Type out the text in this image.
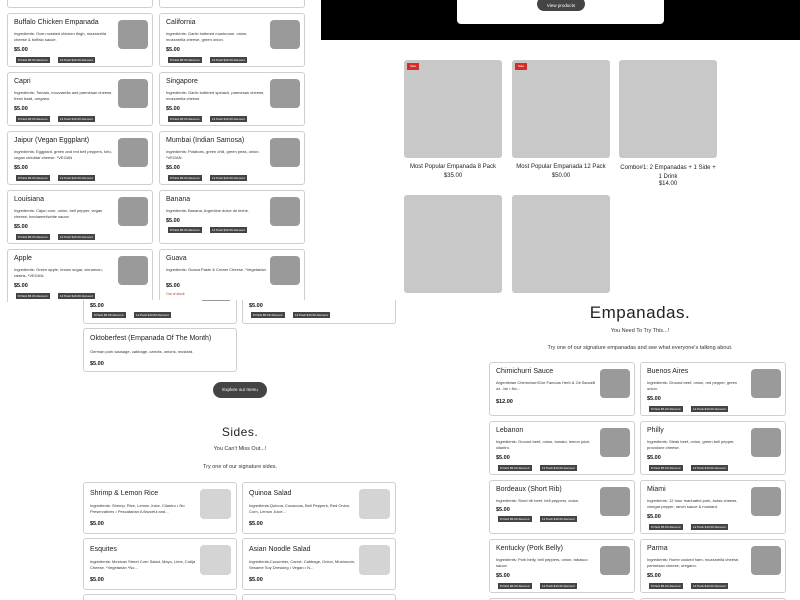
Buffalo Chicken Empanada
Ingredients: Oven roasted chicken thigh, mozzarella cheese & buffalo sauce.
$5.00
8 Pack $5.00 discount	12 Pack $10.00 discount
California
Ingredients: Garlic buttered mushroom, onion, mozzarella cheese, green onion.
$5.00
8 Pack $5.00 discount	12 Pack $10.00 discount
Capri
Ingredients: Tomato, mozzarella and parmesan cheese, fresh basil, oregano.
$5.00
8 Pack $5.00 discount	12 Pack $10.00 discount
Singapore
Ingredients: Garlic buttered spinach, parmesan cheese, mozzarella cheese.
$5.00
8 Pack $5.00 discount	12 Pack $10.00 discount
Jaipur (Vegan Eggplant)
Ingredients: Eggplant, green and red bell peppers, tofu, vegan cheddar cheese. *VEGAN
$5.00
8 Pack $5.00 discount	12 Pack $10.00 discount
Mumbai (Indian Samosa)
Ingredients: Potatoes, green chili, green peas, onion. *VEGAN
$5.00
8 Pack $5.00 discount	12 Pack $10.00 discount
Louisiana
Ingredients: Cajun corn, onion, bell pepper, vegan cheese, bechamel/white sauce.
$5.00
8 Pack $5.00 discount	12 Pack $10.00 discount
Banana
Ingredients: Banana, Argentine dulce de leche.
$5.00
8 Pack $5.00 discount	12 Pack $10.00 discount
Apple
Ingredients: Green apple, brown sugar, cinnamon, raisins. *VEGAN.
$5.00
8 Pack $5.00 discount	12 Pack $10.00 discount
Guava
Ingredients: Guava Paste & Cream Cheese. *Vegetarian
$5.00
Out of stock
View products
Sale
Most Popular Empanada 8 Pack
$35.00
Sale
Most Popular Empanada 12 Pack
$50.00
Combo#1: 2 Empanadas + 1 Side + 1 Drink
$14.00
$5.00
8 Pack $5.00 discount	12 Pack $10.00 discount
$5.00
8 Pack $5.00 discount	12 Pack $10.00 discount
Oktoberfest (Empanada Of The Month)
German pork sausage, cabbage, carrots, onions, mustard.
$5.00
Explore our menu
Sides.
You Can't Miss Out...!
Try one of our signature sides.
Shrimp & Lemon Rice
Ingredients: Shrimp, Rice, Lemon Juice, Cilantro • No Preservatives • Pescatarian A flavorful and...
$5.00
Quinoa Salad
Ingredients:Quinoa, Couscous, Bell Peppers, Red Onion, Corn, Lemon Juice...
$5.00
Esquites
Ingredients: Mexican Street Corn Salad, Mayo, Lime, Cotija Cheese. *Vegetarian *No...
$5.00
Asian Noodle Salad
Ingredients:Cucumber, Carrot, Cabbage, Onion, Mushroom, Sesame Soy Dressing • Vegan • N...
$5.00
Empanadas.
You Need To Try This...!
Try one of our signature empanadas and see what everyone's talking about.
Chimichurri Sauce
Argentinian Chimichurri!Our Famous Herb & Oil Sauce8 oz. Jar • No...
$12.00
Buenos Aires
Ingredients: Ground beef, onion, red pepper, green onion.
$5.00
8 Pack $5.00 discount	12 Pack $10.00 discount
Lebanon
Ingredients: Ground beef, onion, tomato, lemon juice, cilantro.
$5.00
8 Pack $5.00 discount	12 Pack $10.00 discount
Philly
Ingredients: Steak beef, onion, green bell pepper, provolone cheese.
$5.00
8 Pack $5.00 discount	12 Pack $10.00 discount
Bordeaux (Short Rib)
Ingredients: Short rib beef, bell peppers, onion.
$5.00
8 Pack $5.00 discount	12 Pack $10.00 discount
Miami
Ingredients: 12 hour marinated pork, swiss cheese, vinegar pepper, ranch sauce & mustard.
$5.00
8 Pack $5.00 discount	12 Pack $10.00 discount
Kentucky (Pork Belly)
Ingredients: Pork belly, bell peppers, onion, tabasco sauce.
$5.00
8 Pack $5.00 discount	12 Pack $10.00 discount
Parma
Ingredients: Home cooked ham, mozzarella cheese, parmesan cheese, oregano.
$5.00
8 Pack $5.00 discount	12 Pack $10.00 discount
